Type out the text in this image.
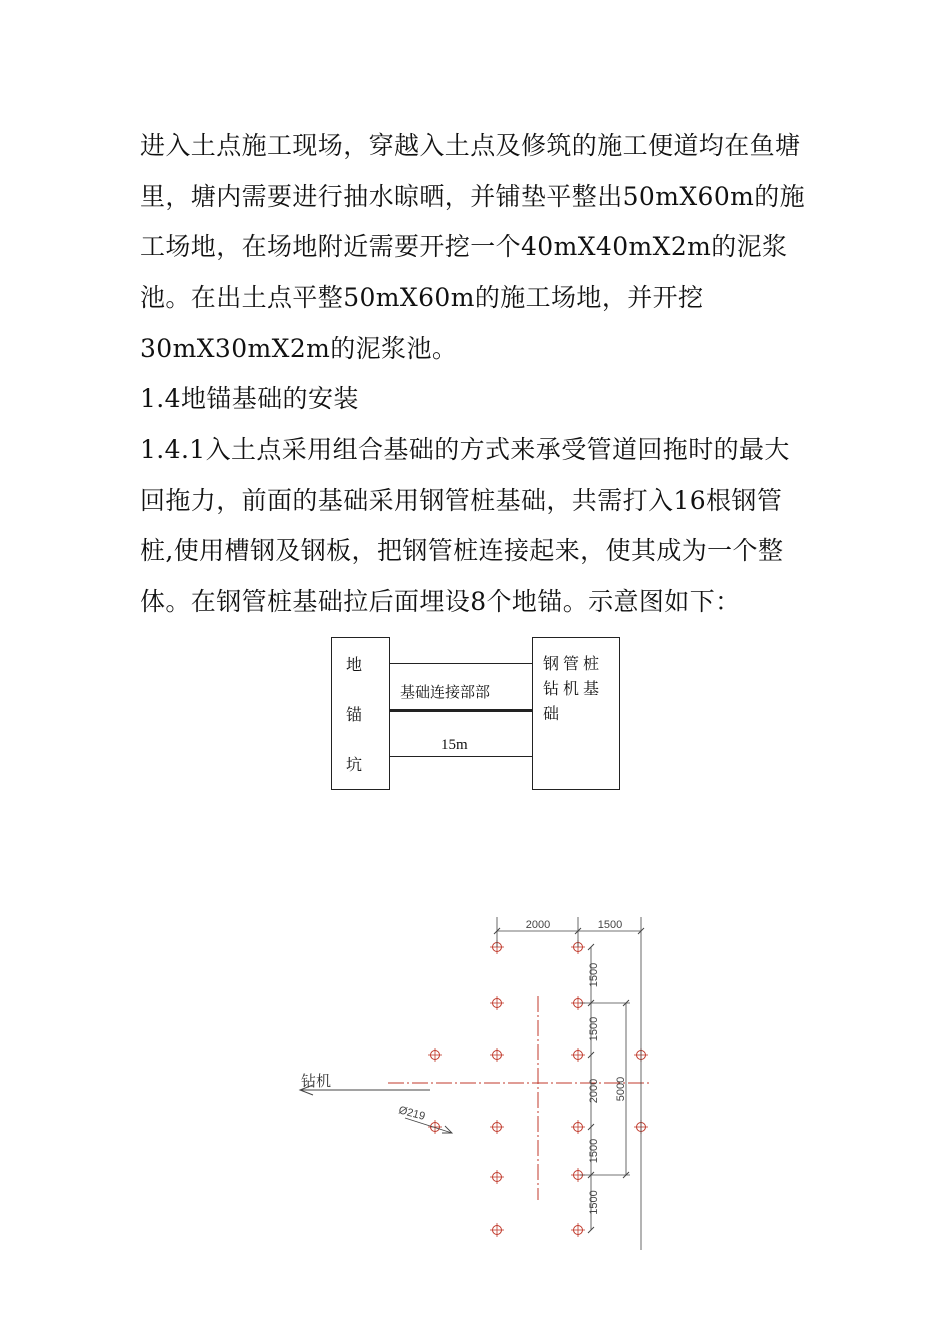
进入土点施工现场，穿越入土点及修筑的施工便道均在鱼塘里，塘内需要进行抽水晾晒，并铺垫平整出50mX60m的施工场地，在场地附近需要开挖一个40mX40mX2m的泥浆池。在出土点平整50mX60m的施工场地，并开挖30mX30mX2m的泥浆池。
1.4地锚基础的安装
1.4.1入土点采用组合基础的方式来承受管道回拖时的最大回拖力，前面的基础采用钢管桩基础，共需打入16根钢管桩,使用槽钢及钢板，把钢管桩连接起来，使其成为一个整体。在钢管桩基础拉后面埋设8个地锚。示意图如下：
地
锚
坑
基础连接部部
15m
钢管桩钻机基础
2000	1500
1500
1500
2000
1500
1500
5000
钻机
Ø219
